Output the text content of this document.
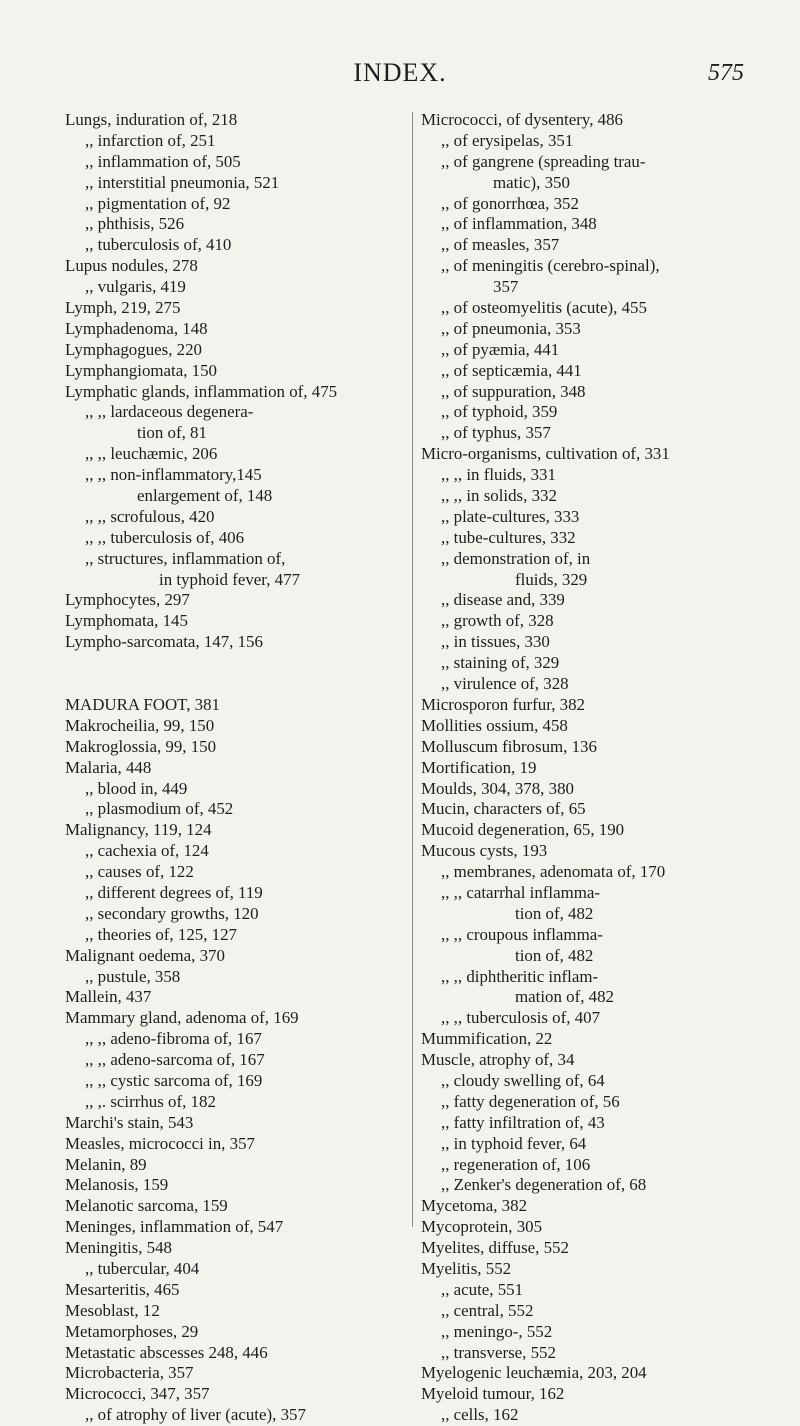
INDEX.	575
Lungs, induration of, 218
,, infarction of, 251
,, inflammation of, 505
,, interstitial pneumonia, 521
,, pigmentation of, 92
,, phthisis, 526
,, tuberculosis of, 410
Lupus nodules, 278
,, vulgaris, 419
Lymph, 219, 275
Lymphadenoma, 148
Lymphagogues, 220
Lymphangiomata, 150
Lymphatic glands, inflammation of, 475
,, ,, lardaceous degenera-
tion of, 81
,, ,, leuchæmic, 206
,, ,, non-inflammatory,145
enlargement of, 148
,, ,, scrofulous, 420
,, ,, tuberculosis of, 406
,, structures, inflammation of,
in typhoid fever, 477
Lymphocytes, 297
Lymphomata, 145
Lympho-sarcomata, 147, 156
MADURA FOOT, 381
Makrocheilia, 99, 150
Makroglossia, 99, 150
Malaria, 448
,, blood in, 449
,, plasmodium of, 452
Malignancy, 119, 124
,, cachexia of, 124
,, causes of, 122
,, different degrees of, 119
,, secondary growths, 120
,, theories of, 125, 127
Malignant oedema, 370
,, pustule, 358
Mallein, 437
Mammary gland, adenoma of, 169
,, ,, adeno-fibroma of, 167
,, ,, adeno-sarcoma of, 167
,, ,, cystic sarcoma of, 169
,, ,. scirrhus of, 182
Marchi's stain, 543
Measles, micrococci in, 357
Melanin, 89
Melanosis, 159
Melanotic sarcoma, 159
Meninges, inflammation of, 547
Meningitis, 548
,, tubercular, 404
Mesarteritis, 465
Mesoblast, 12
Metamorphoses, 29
Metastatic abscesses 248, 446
Microbacteria, 357
Micrococci, 347, 357
,, of atrophy of liver (acute), 357
Micrococci, of dysentery, 486
,, of erysipelas, 351
,, of gangrene (spreading trau-
matic), 350
,, of gonorrhœa, 352
,, of inflammation, 348
,, of measles, 357
,, of meningitis (cerebro-spinal),
357
,, of osteomyelitis (acute), 455
,, of pneumonia, 353
,, of pyæmia, 441
,, of septicæmia, 441
,, of suppuration, 348
,, of typhoid, 359
,, of typhus, 357
Micro-organisms, cultivation of, 331
,, ,, in fluids, 331
,, ,, in solids, 332
,, plate-cultures, 333
,, tube-cultures, 332
,, demonstration of, in
fluids, 329
,, disease and, 339
,, growth of, 328
,, in tissues, 330
,, staining of, 329
,, virulence of, 328
Microsporon furfur, 382
Mollities ossium, 458
Molluscum fibrosum, 136
Mortification, 19
Moulds, 304, 378, 380
Mucin, characters of, 65
Mucoid degeneration, 65, 190
Mucous cysts, 193
,, membranes, adenomata of, 170
,, ,, catarrhal inflamma-
tion of, 482
,, ,, croupous inflamma-
tion of, 482
,, ,, diphtheritic inflam-
mation of, 482
,, ,, tuberculosis of, 407
Mummification, 22
Muscle, atrophy of, 34
,, cloudy swelling of, 64
,, fatty degeneration of, 56
,, fatty infiltration of, 43
,, in typhoid fever, 64
,, regeneration of, 106
,, Zenker's degeneration of, 68
Mycetoma, 382
Mycoprotein, 305
Myelites, diffuse, 552
Myelitis, 552
,, acute, 551
,, central, 552
,, meningo-, 552
,, transverse, 552
Myelogenic leuchæmia, 203, 204
Myeloid tumour, 162
,, cells, 162
